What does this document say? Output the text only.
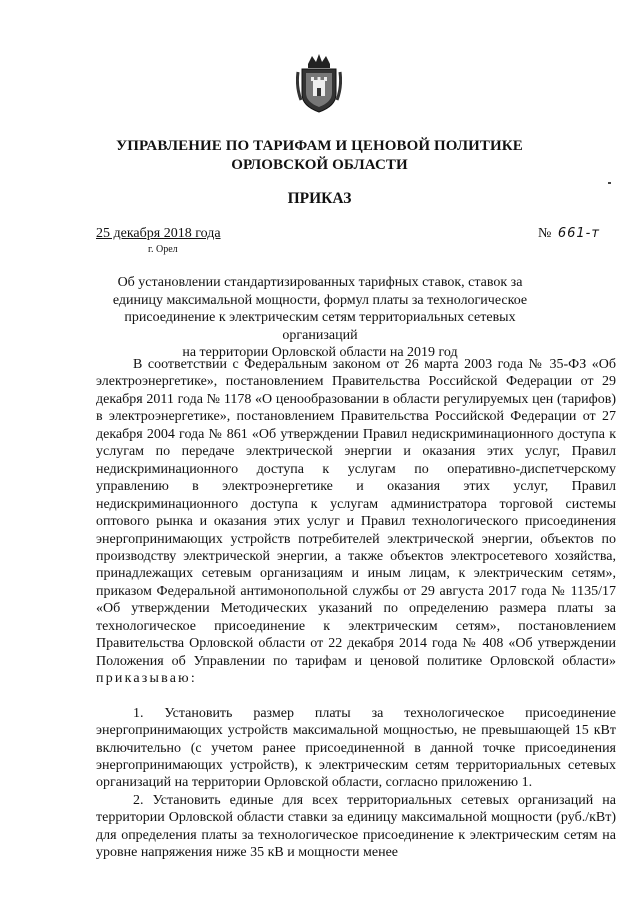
УПРАВЛЕНИЕ ПО ТАРИФАМ И ЦЕНОВОЙ ПОЛИТИКЕ
ОРЛОВСКОЙ ОБЛАСТИ
ПРИКАЗ
25 декабря 2018 года
г. Орел
№ 661-т
Об установлении стандартизированных тарифных ставок, ставок за
единицу максимальной мощности, формул платы за технологическое
присоединение к электрическим сетям территориальных сетевых организаций
на территории Орловской области на 2019 год

В соответствии с Федеральным законом от 26 марта 2003 года № 35-ФЗ «Об электроэнергетике», постановлением Правительства Российской Федерации от 29 декабря 2011 года № 1178 «О ценообразовании в области регулируемых цен (тарифов) в электроэнергетике», постановлением Правительства Российской Федерации от 27 декабря 2004 года № 861 «Об утверждении Правил недискриминационного доступа к услугам по передаче электрической энергии и оказания этих услуг, Правил недискриминационного доступа к услугам по оперативно-диспетчерскому управлению в электроэнергетике и оказания этих услуг, Правил недискриминационного доступа к услугам администратора торговой системы оптового рынка и оказания этих услуг и Правил технологического присоединения энергопринимающих устройств потребителей электрической энергии, объектов по производству электрической энергии, а также объектов электросетевого хозяйства, принадлежащих сетевым организациям и иным лицам, к электрическим сетям», приказом Федеральной антимонопольной службы от 29 августа 2017 года № 1135/17 «Об утверждении Методических указаний по определению размера платы за технологическое присоединение к электрическим сетям», постановлением Правительства Орловской области от 22 декабря 2014 года № 408 «Об утверждении Положения об Управлении по тарифам и ценовой политике Орловской области» приказываю:

1. Установить размер платы за технологическое присоединение энергопринимающих устройств максимальной мощностью, не превышающей 15 кВт включительно (с учетом ранее присоединенной в данной точке присоединения энергопринимающих устройств), к электрическим сетям территориальных сетевых организаций на территории Орловской области, согласно приложению 1.

2. Установить единые для всех территориальных сетевых организаций на территории Орловской области ставки за единицу максимальной мощности (руб./кВт) для определения платы за технологическое присоединение к электрическим сетям на уровне напряжения ниже 35 кВ и мощности менее
